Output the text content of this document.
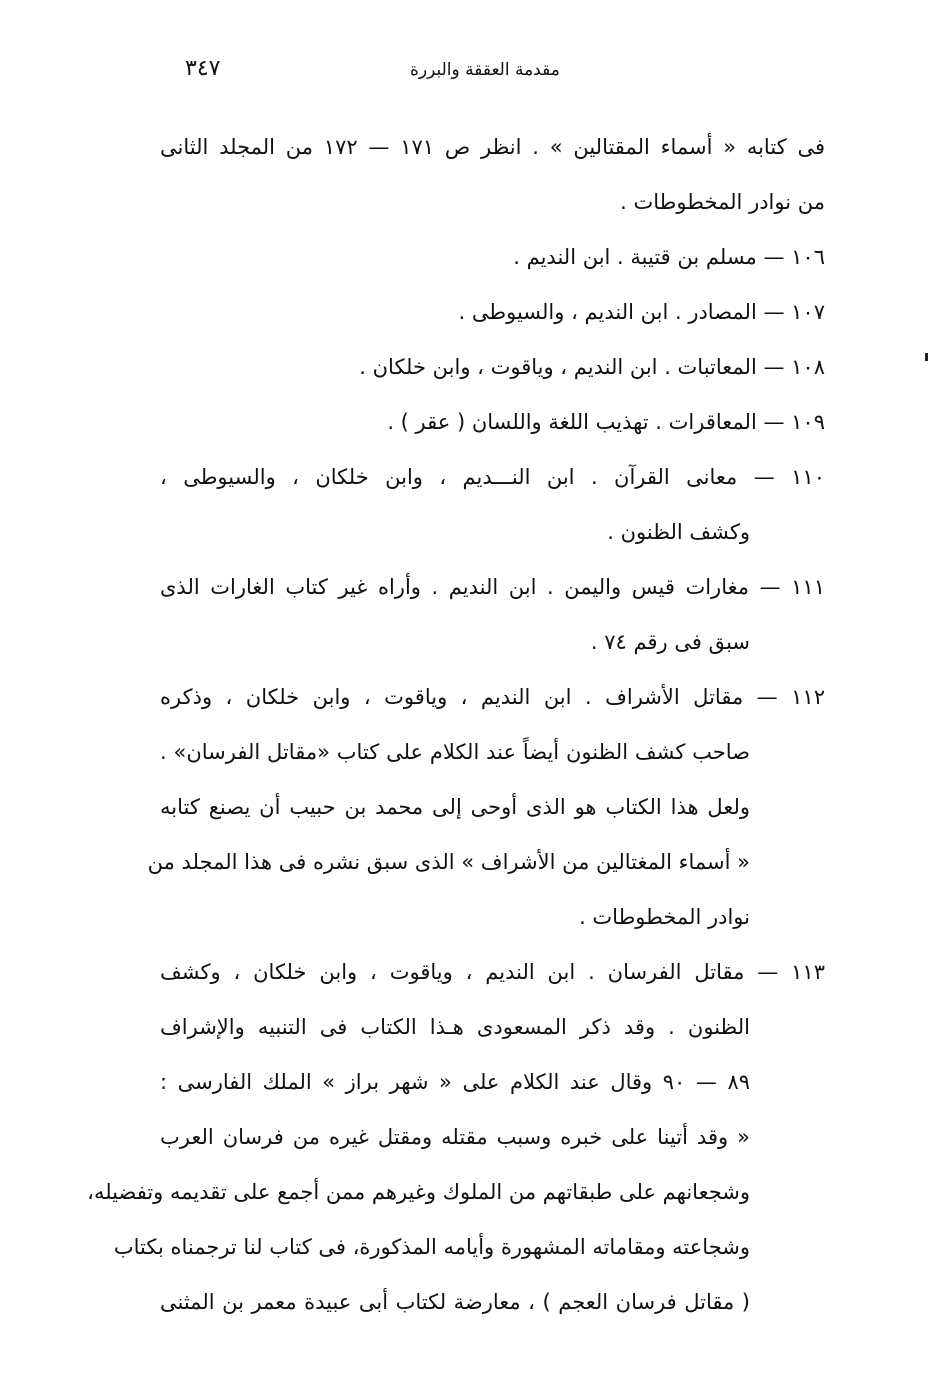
٣٤٧	مقدمة العققة والبررة
فى كتابه « أسماء المقتالين » . انظر ص ١٧١ — ١٧٢ من المجلد الثانى
من نوادر المخطوطات .
١٠٦ — مسلم بن قتيبة . ابن النديم .
١٠٧ — المصادر . ابن النديم ، والسيوطى .
١٠٨ — المعاتبات . ابن النديم ، وياقوت ، وابن خلكان .
١٠٩ — المعاقرات . تهذيب اللغة واللسان ( عقر ) .
١١٠ — معانى القرآن . ابن النـــديم ، وابن خلكان ، والسيوطى ،
وكشف الظنون .
١١١ — مغارات قيس واليمن . ابن النديم . وأراه غير كتاب الغارات الذى
سبق فى رقم ٧٤ .
١١٢ — مقاتل الأشراف . ابن النديم ، وياقوت ، وابن خلكان ، وذكره
صاحب كشف الظنون أيضاً عند الكلام على كتاب «مقاتل الفرسان» .
ولعل هذا الكتاب هو الذى أوحى إلى محمد بن حبيب أن يصنع كتابه
« أسماء المغتالين من الأشراف » الذى سبق نشره فى هذا المجلد من
نوادر المخطوطات .
١١٣ — مقاتل الفرسان . ابن النديم ، وياقوت ، وابن خلكان ، وكشف
الظنون . وقد ذكر المسعودى هـذا الكتاب فى التنبيه والإشراف
٨٩ — ٩٠ وقال عند الكلام على « شهر براز » الملك الفارسى :
« وقد أتينا على خبره وسبب مقتله ومقتل غيره من فرسان العرب
وشجعانهم على طبقاتهم من الملوك وغيرهم ممن أجمع على تقديمه وتفضيله،
وشجاعته ومقاماته المشهورة وأيامه المذكورة، فى كتاب لنا ترجمناه بكتاب
( مقاتل فرسان العجم ) ، معارضة لكتاب أبى عبيدة معمر بن المثنى
